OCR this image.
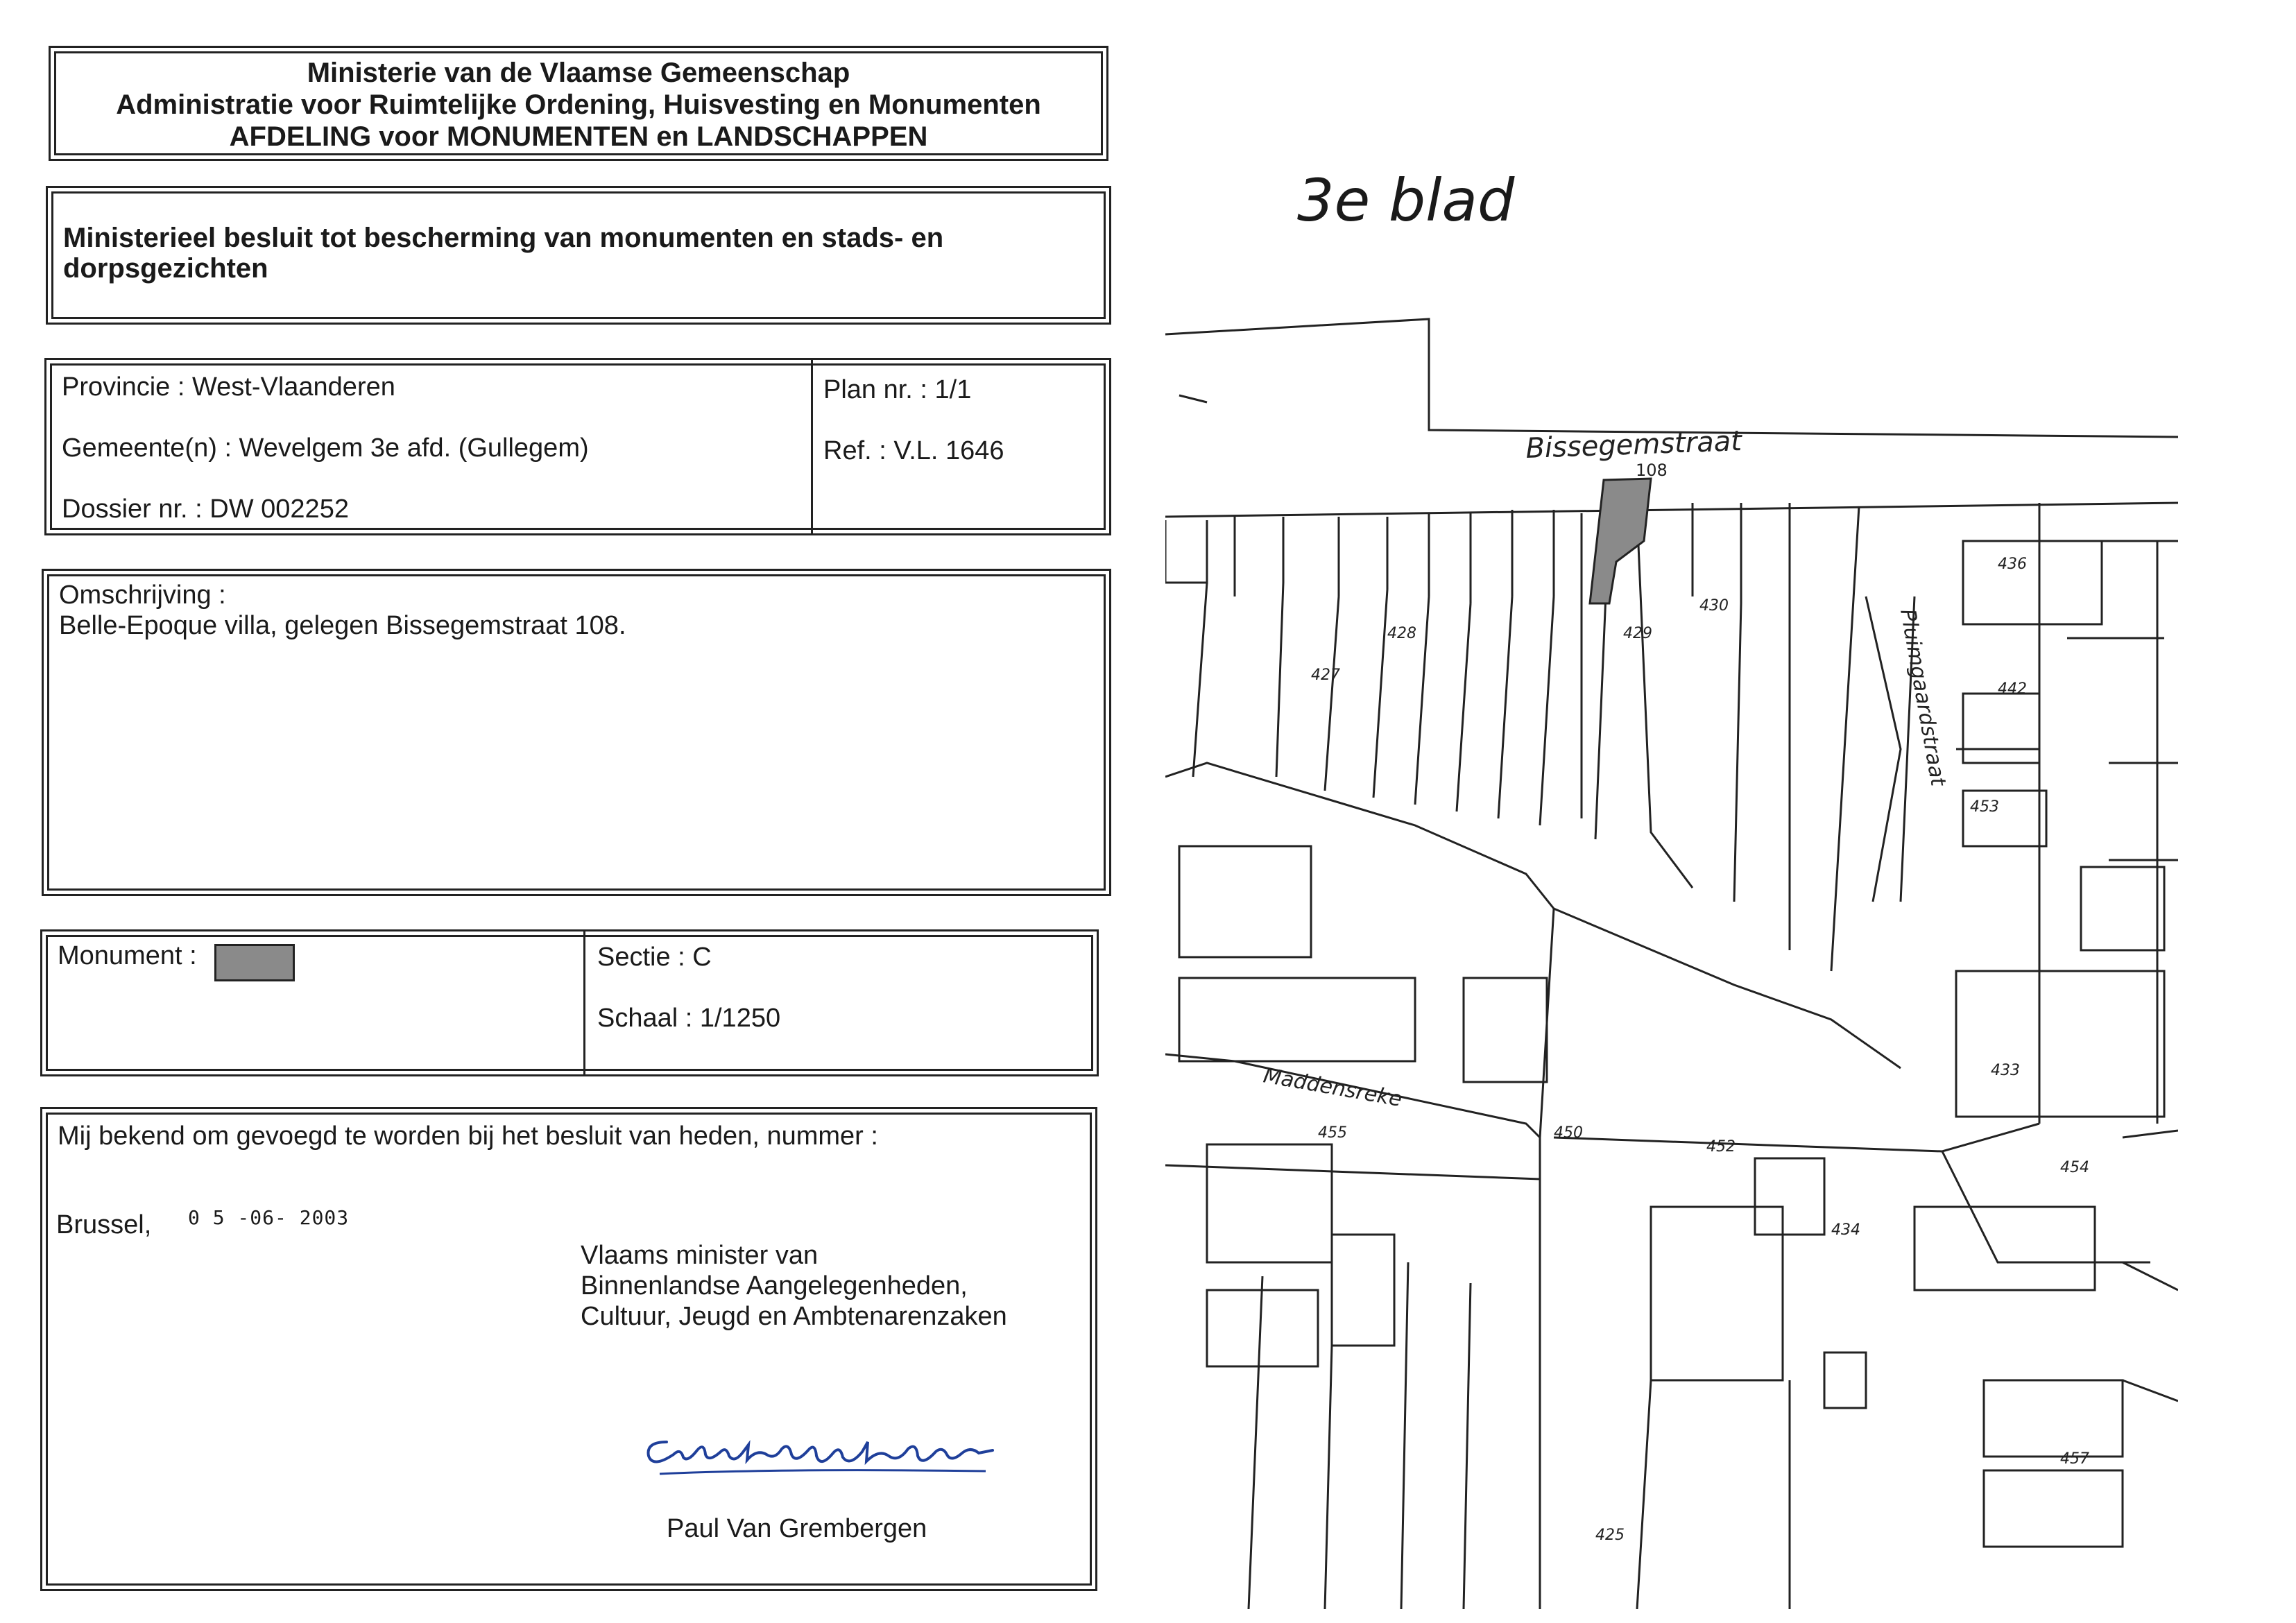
Ministerie van de Vlaamse Gemeenschap
Administratie voor Ruimtelijke Ordening, Huisvesting en Monumenten
AFDELING voor MONUMENTEN en LANDSCHAPPEN
Ministerieel besluit tot bescherming van monumenten en stads- en
dorpsgezichten
Provincie : West-Vlaanderen
Gemeente(n) : Wevelgem 3e afd. (Gullegem)
Dossier nr. : DW 002252
Plan nr. : 1/1
Ref. : V.L. 1646
Omschrijving :
Belle-Epoque villa, gelegen Bissegemstraat 108.
Monument :	Sectie : C
Schaal : 1/1250
Mij bekend om gevoegd te worden bij het besluit van heden, nummer :
Brussel, 0 5 -06- 2003
Vlaams minister van
Binnenlandse Aangelegenheden,
Cultuur, Jeugd en Ambtenarenzaken
Paul Van Grembergen
3e blad
Bissegemstraat
108
Maddensreke
Pluimgaardstraat
430
429
428
427
455	450
452
434
433
436
442
453
454
457
425
